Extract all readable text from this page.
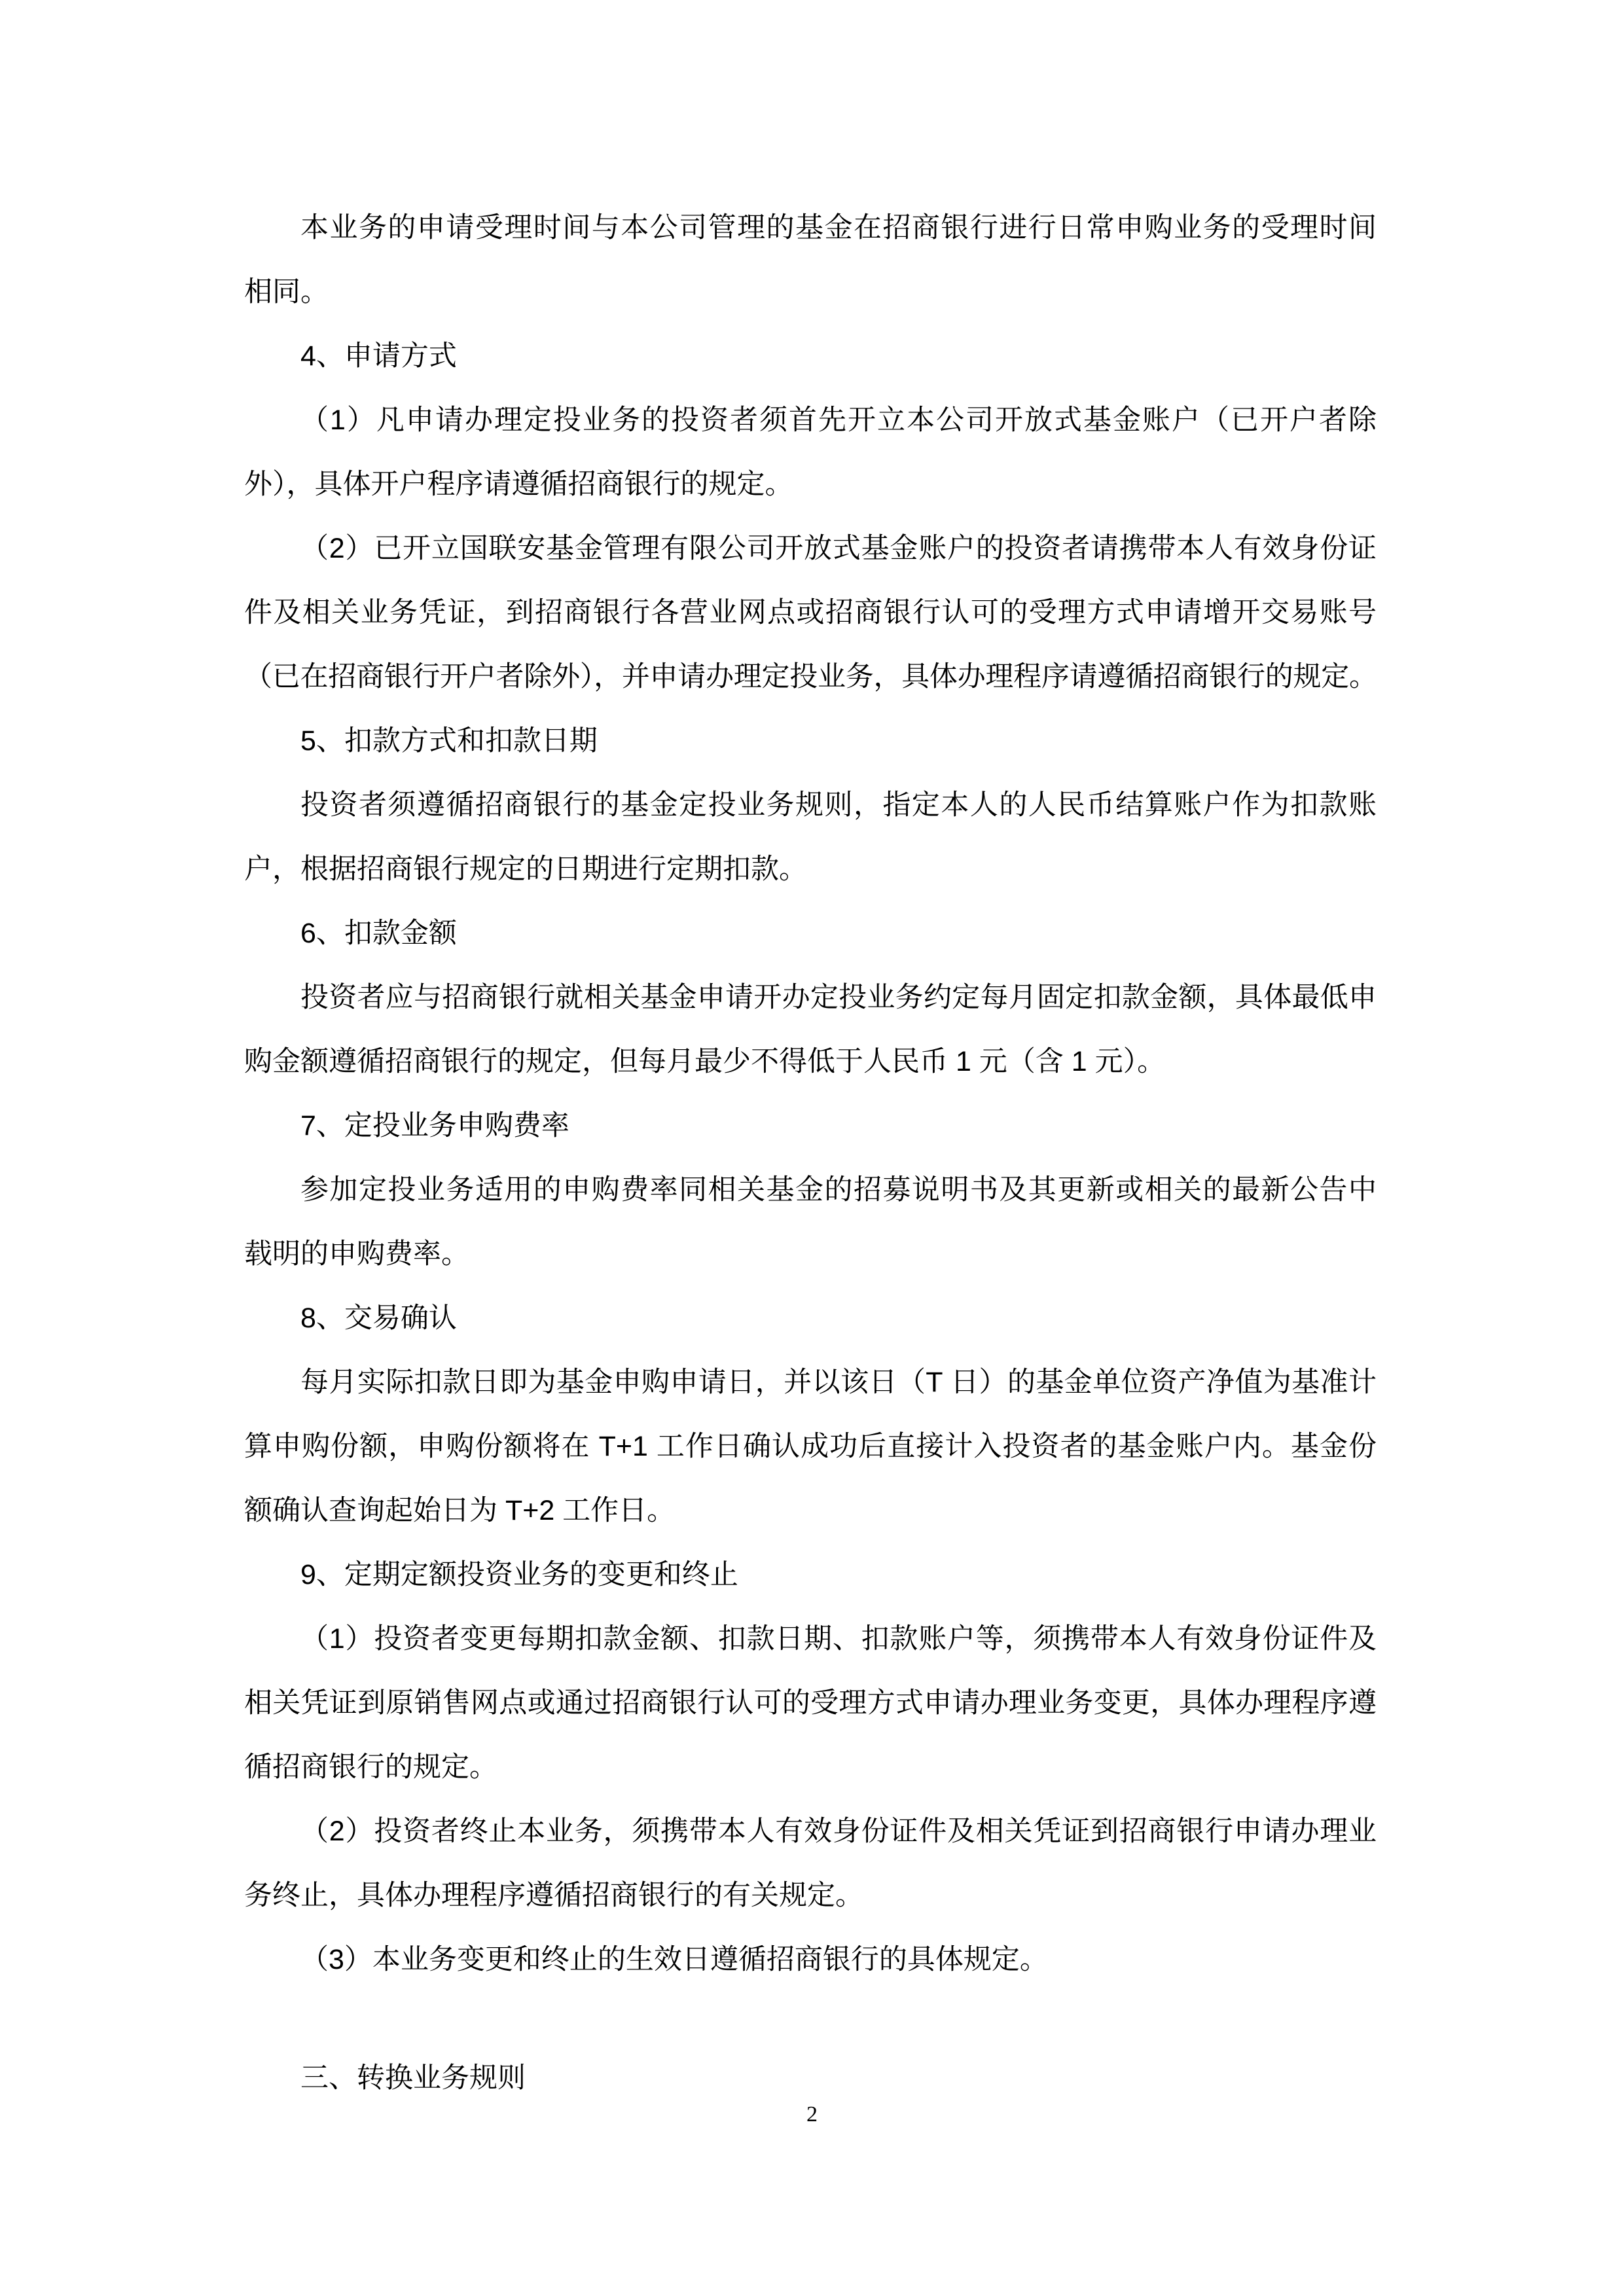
本业务的申请受理时间与本公司管理的基金在招商银行进行日常申购业务的受理时间
相同。
4、申请方式
（1）凡申请办理定投业务的投资者须首先开立本公司开放式基金账户（已开户者除
外），具体开户程序请遵循招商银行的规定。
（2）已开立国联安基金管理有限公司开放式基金账户的投资者请携带本人有效身份证
件及相关业务凭证，到招商银行各营业网点或招商银行认可的受理方式申请增开交易账号
（已在招商银行开户者除外），并申请办理定投业务，具体办理程序请遵循招商银行的规定。
5、扣款方式和扣款日期
投资者须遵循招商银行的基金定投业务规则，指定本人的人民币结算账户作为扣款账
户，根据招商银行规定的日期进行定期扣款。
6、扣款金额
投资者应与招商银行就相关基金申请开办定投业务约定每月固定扣款金额，具体最低申
购金额遵循招商银行的规定，但每月最少不得低于人民币 1 元（含 1 元）。
7、定投业务申购费率
参加定投业务适用的申购费率同相关基金的招募说明书及其更新或相关的最新公告中
载明的申购费率。
8、交易确认
每月实际扣款日即为基金申购申请日，并以该日（T 日）的基金单位资产净值为基准计
算申购份额，申购份额将在 T+1 工作日确认成功后直接计入投资者的基金账户内。基金份
额确认查询起始日为 T+2 工作日。
9、定期定额投资业务的变更和终止
（1）投资者变更每期扣款金额、扣款日期、扣款账户等，须携带本人有效身份证件及
相关凭证到原销售网点或通过招商银行认可的受理方式申请办理业务变更，具体办理程序遵
循招商银行的规定。
（2）投资者终止本业务，须携带本人有效身份证件及相关凭证到招商银行申请办理业
务终止，具体办理程序遵循招商银行的有关规定。
（3）本业务变更和终止的生效日遵循招商银行的具体规定。
三、转换业务规则
2
